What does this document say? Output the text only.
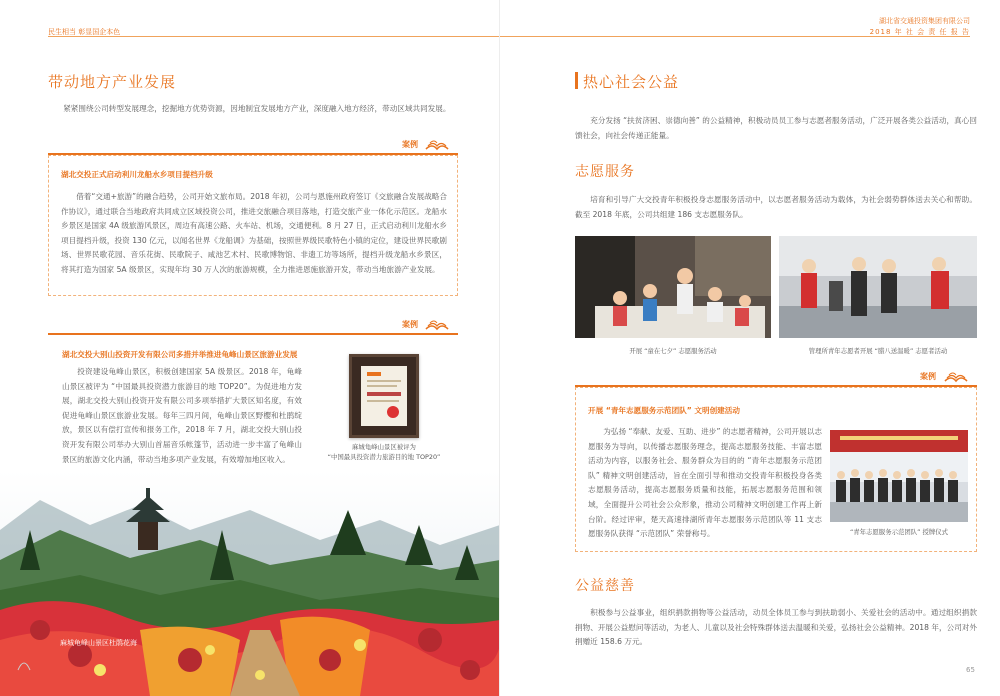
民生相当 彰显国企本色
带动地方产业发展
紧紧围绕公司转型发展理念，挖掘地方优势资源，因地制宜发展地方产业，深度融入地方经济，带动区域共同发展。
案例
湖北交投正式启动利川龙船水乡项目提档升级
借着“交通+旅游”的融合趋势，公司开始文旅布局。2018 年初，公司与恩施州政府签订《交旅融合发展战略合作协议》，通过联合当地政府共同成立区域投资公司，推进交旅融合项目落地，打造交旅产业一体化示范区。龙船水乡景区是国家 4A 级旅游风景区，周边有高速公路、火车站、机场，交通便利。8 月 27 日，正式启动利川龙船水乡项目提档升级，投资 130 亿元，以闻名世界《龙船调》为基础，按照世界级民歌特色小镇的定位，建设世界民歌剧场、世界民歌花园、音乐花街、民歌院子、咸池艺术村、民歌博物馆、非遗工坊等场所，提档升级龙船水乡景区，将其打造为国家 5A 级景区，实现年均 30 万人次的旅游规模，全力推进恩施旅游开发，带动当地旅游产业发展。
案例
湖北交投大别山投资开发有限公司多措并举推进龟峰山景区旅游业发展
投资建设龟峰山景区，积极创建国家 5A 级景区。2018 年，龟峰山景区被评为 “中国最具投资潜力旅游目的地 TOP20”。为促进地方发展，湖北交投大别山投资开发有限公司多项举措扩大景区知名度，有效促进龟峰山景区旅游业发展。每年三四月间，龟峰山景区野樱和杜鹃绽放，景区以有偿打宣传和报务工作，2018 年 7 月，湖北交投大别山投资开发有限公司举办大别山首届音乐帐篷节，活动进一步丰富了龟峰山景区的旅游文化内涵，带动当地多项产业发展，有效增加地区收入。
麻城龟峰山景区被评为
“中国最具投资潜力旅游目的地 TOP20”
麻城龟峰山景区杜鹃花海
湖北省交通投资集团有限公司
2018 年 社 会 责 任 报 告
热心社会公益
充分发扬 “扶贫济困、崇德向善” 的公益精神，积极动员员工参与志愿者服务活动，广泛开展各类公益活动，真心回馈社会，向社会传递正能量。
志愿服务
培育和引导广大交投青年积极投身志愿服务活动中，以志愿者服务活动为载体，为社会弱势群体送去关心和帮助。截至 2018 年底，公司共组建 186 支志愿服务队。
开展 “童在七夕” 志愿服务活动	管理所青年志愿者开展 “腊八送温暖” 志愿者活动
案例
开展 “青年志愿服务示范团队” 文明创建活动
为弘扬 “奉献、友爱、互助、进步” 的志愿者精神，公司开展以志愿服务为导向，以传播志愿服务理念，提高志愿服务技能、丰富志愿活动为内容，以服务社会、服务群众为目的的 “青年志愿服务示范团队” 精神文明创建活动，旨在全面引导和推动交投青年积极投身各类志愿服务活动，提高志愿服务质量和技能，拓展志愿服务范围和领域，全面提升公司社会公众形象，推动公司精神文明创建工作再上新台阶。经过评审，楚天高速排湖所青年志愿服务示范团队等 11 支志愿服务队获得 “示范团队” 荣誉称号。	“青年志愿服务示范团队” 授牌仪式
公益慈善
积极参与公益事业，组织捐款捐物等公益活动，动员全体员工参与到扶助弱小、关爱社会的活动中。通过组织捐款捐物、开展公益慰问等活动，为老人、儿童以及社会特殊群体送去温暖和关爱，弘扬社会公益精神。2018 年，公司对外捐赠近 158.6 万元。
65
